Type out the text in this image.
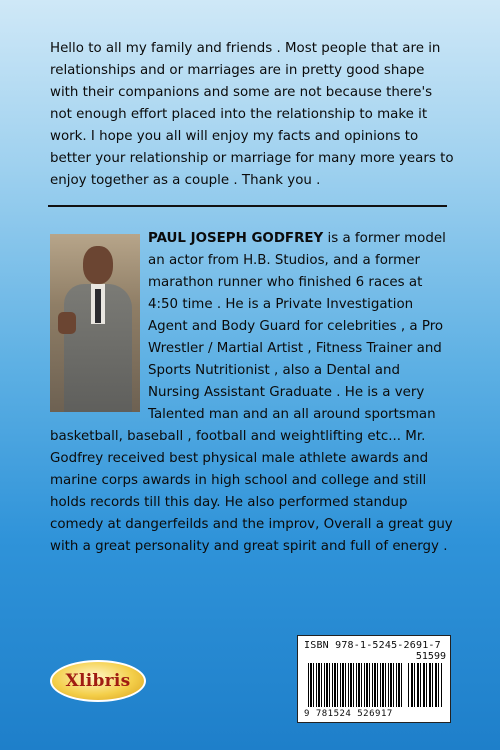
Hello to all my family and friends . Most people that are in relationships and or marriages are in pretty good shape with their companions and some are not because there's not enough effort placed into the relationship to make it work. I hope you all will enjoy my facts and opinions to better your relationship or marriage for many more years to enjoy together as a couple . Thank you .

PAUL JOSEPH GODFREY is a former model an actor from H.B. Studios, and a former marathon runner who finished 6 races at 4:50 time . He is a Private Investigation Agent and Body Guard for celebrities , a Pro Wrestler / Martial Artist , Fitness Trainer and Sports Nutritionist , also a Dental and Nursing Assistant Graduate . He is a very Talented man and an all around sportsman basketball, baseball , football and weightlifting etc... Mr. Godfrey received best physical male athlete awards and marine corps awards in high school and college and still holds records till this day. He also performed standup comedy at dangerfeilds and the improv, Overall a great guy with a great personality and great spirit and full of energy .

Xlibris
ISBN 978-1-5245-2691-7
51599
9 781524 526917
